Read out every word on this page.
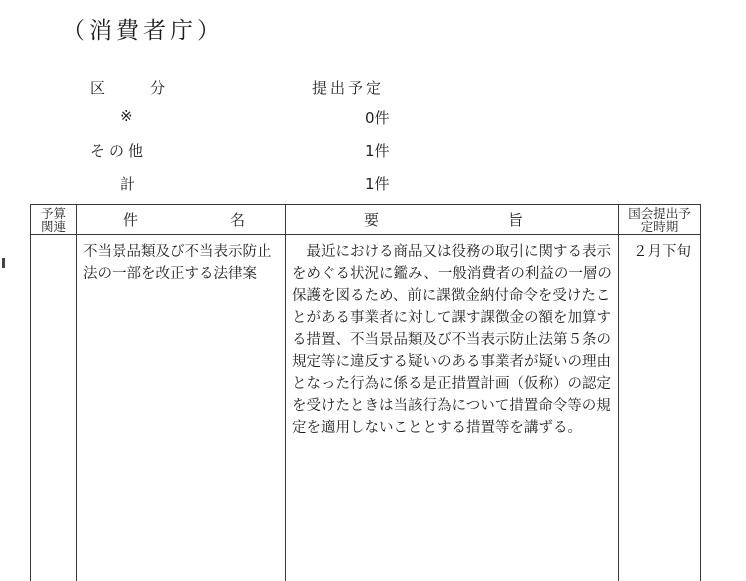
（消費者庁）
区	分	提出予定
※	0件
その他	1件
計	1件
予算関連	件 名	要 旨	国会提出予定時期

	不当景品類及び不当表示防止法の一部を改正する法律案	最近における商品又は役務の取引に関する表示をめぐる状況に鑑み、一般消費者の利益の一層の保護を図るため、前に課徴金納付命令を受けたことがある事業者に対して課す課徴金の額を加算する措置、不当景品類及び不当表示防止法第５条の規定等に違反する疑いのある事業者が疑いの理由となった行為に係る是正措置計画（仮称）の認定を受けたときは当該行為について措置命令等の規定を適用しないこととする措置等を講ずる。	２月下旬
